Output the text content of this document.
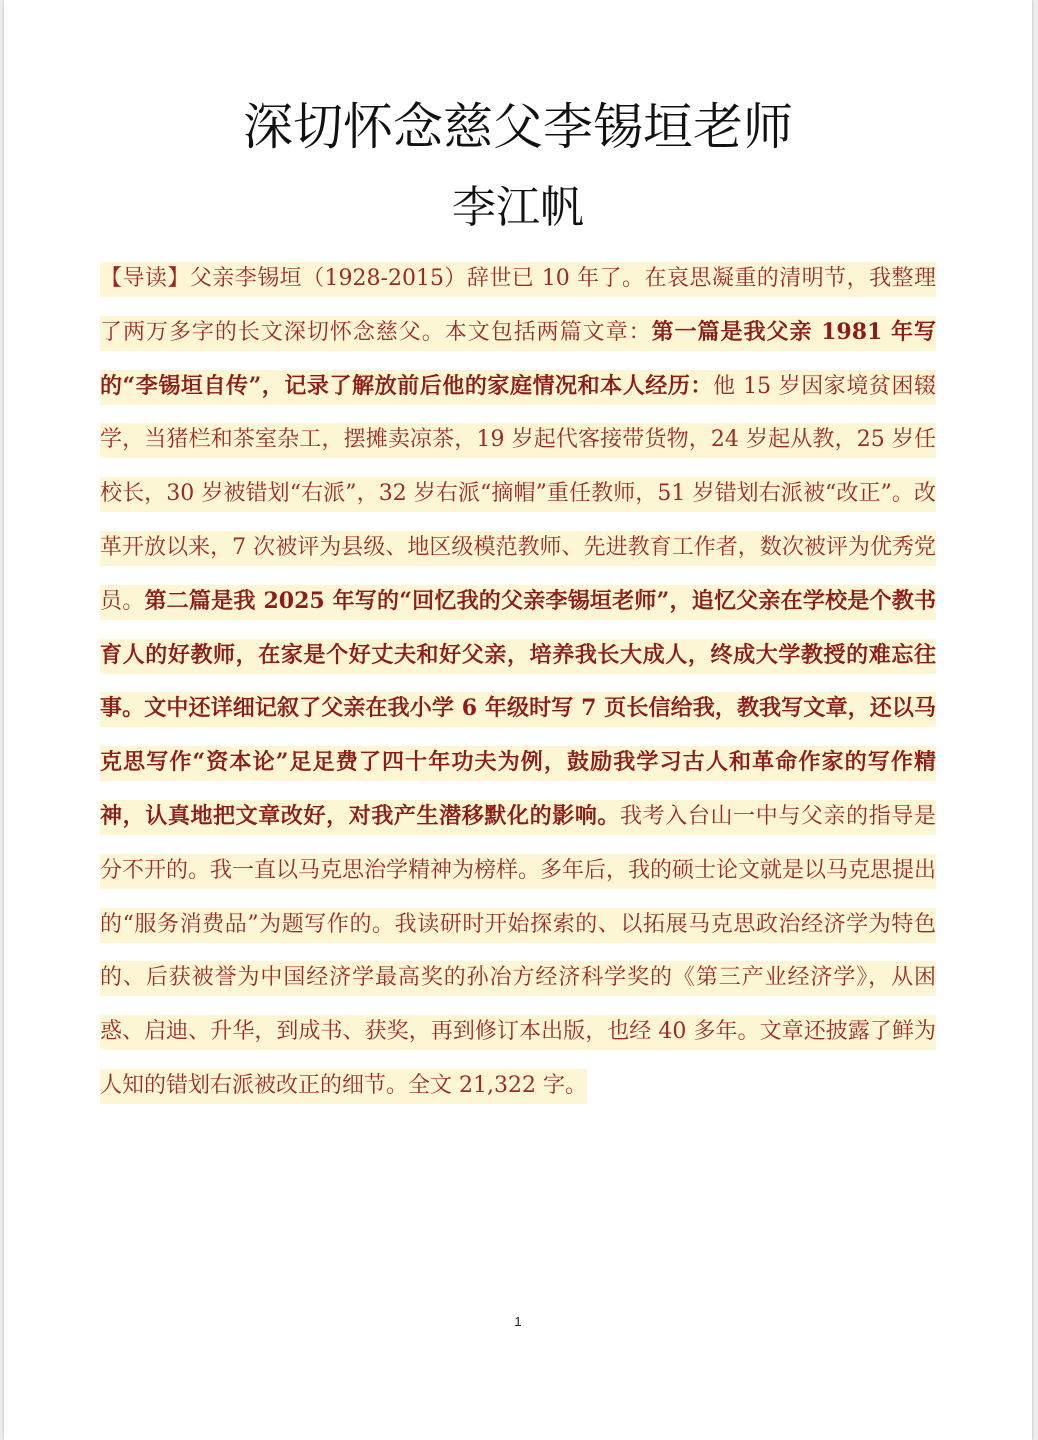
深切怀念慈父李锡垣老师
李江帆

【导读】父亲李锡垣（1928-2015）辞世已 10 年了。在哀思凝重的清明节，我整理了两万多字的长文深切怀念慈父。本文包括两篇文章：第一篇是我父亲 1981 年写的“李锡垣自传”，记录了解放前后他的家庭情况和本人经历：他 15 岁因家境贫困辍学，当猪栏和茶室杂工，摆摊卖凉茶，19 岁起代客接带货物，24 岁起从教，25 岁任校长，30 岁被错划“右派”，32 岁右派“摘帽”重任教师，51 岁错划右派被“改正”。改革开放以来，7 次被评为县级、地区级模范教师、先进教育工作者，数次被评为优秀党员。第二篇是我 2025 年写的“回忆我的父亲李锡垣老师”，追忆父亲在学校是个教书育人的好教师，在家是个好丈夫和好父亲，培养我长大成人，终成大学教授的难忘往事。文中还详细记叙了父亲在我小学 6 年级时写 7 页长信给我，教我写文章，还以马克思写作“资本论”足足费了四十年功夫为例，鼓励我学习古人和革命作家的写作精神，认真地把文章改好，对我产生潜移默化的影响。我考入台山一中与父亲的指导是分不开的。我一直以马克思治学精神为榜样。多年后，我的硕士论文就是以马克思提出的“服务消费品”为题写作的。我读研时开始探索的、以拓展马克思政治经济学为特色的、后获被誉为中国经济学最高奖的孙冶方经济科学奖的《第三产业经济学》，从困惑、启迪、升华，到成书、获奖，再到修订本出版，也经 40 多年。文章还披露了鲜为人知的错划右派被改正的细节。全文 21,322 字。

1
